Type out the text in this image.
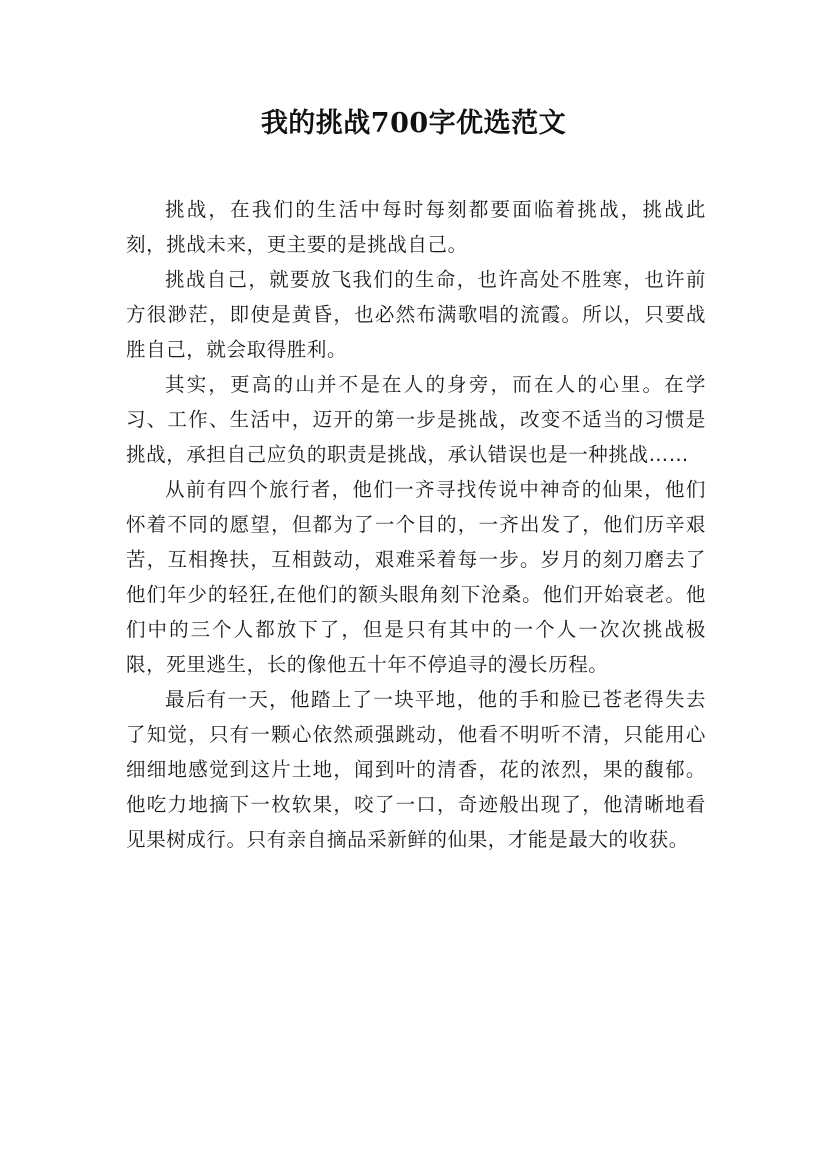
我的挑战700字优选范文

挑战，在我们的生活中每时每刻都要面临着挑战，挑战此刻，挑战未来，更主要的是挑战自己。

挑战自己，就要放飞我们的生命，也许高处不胜寒，也许前方很渺茫，即使是黄昏，也必然布满歌唱的流霞。所以，只要战胜自己，就会取得胜利。

其实，更高的山并不是在人的身旁，而在人的心里。在学习、工作、生活中，迈开的第一步是挑战，改变不适当的习惯是挑战，承担自己应负的职责是挑战，承认错误也是一种挑战……

从前有四个旅行者，他们一齐寻找传说中神奇的仙果，他们怀着不同的愿望，但都为了一个目的，一齐出发了，他们历辛艰苦，互相搀扶，互相鼓动，艰难采着每一步。岁月的刻刀磨去了他们年少的轻狂,在他们的额头眼角刻下沧桑。他们开始衰老。他们中的三个人都放下了，但是只有其中的一个人一次次挑战极限，死里逃生，长的像他五十年不停追寻的漫长历程。

最后有一天，他踏上了一块平地，他的手和脸已苍老得失去了知觉，只有一颗心依然顽强跳动，他看不明听不清，只能用心细细地感觉到这片土地，闻到叶的清香，花的浓烈，果的馥郁。他吃力地摘下一枚软果，咬了一口，奇迹般出现了，他清晰地看见果树成行。只有亲自摘品采新鲜的仙果，才能是最大的收获。
